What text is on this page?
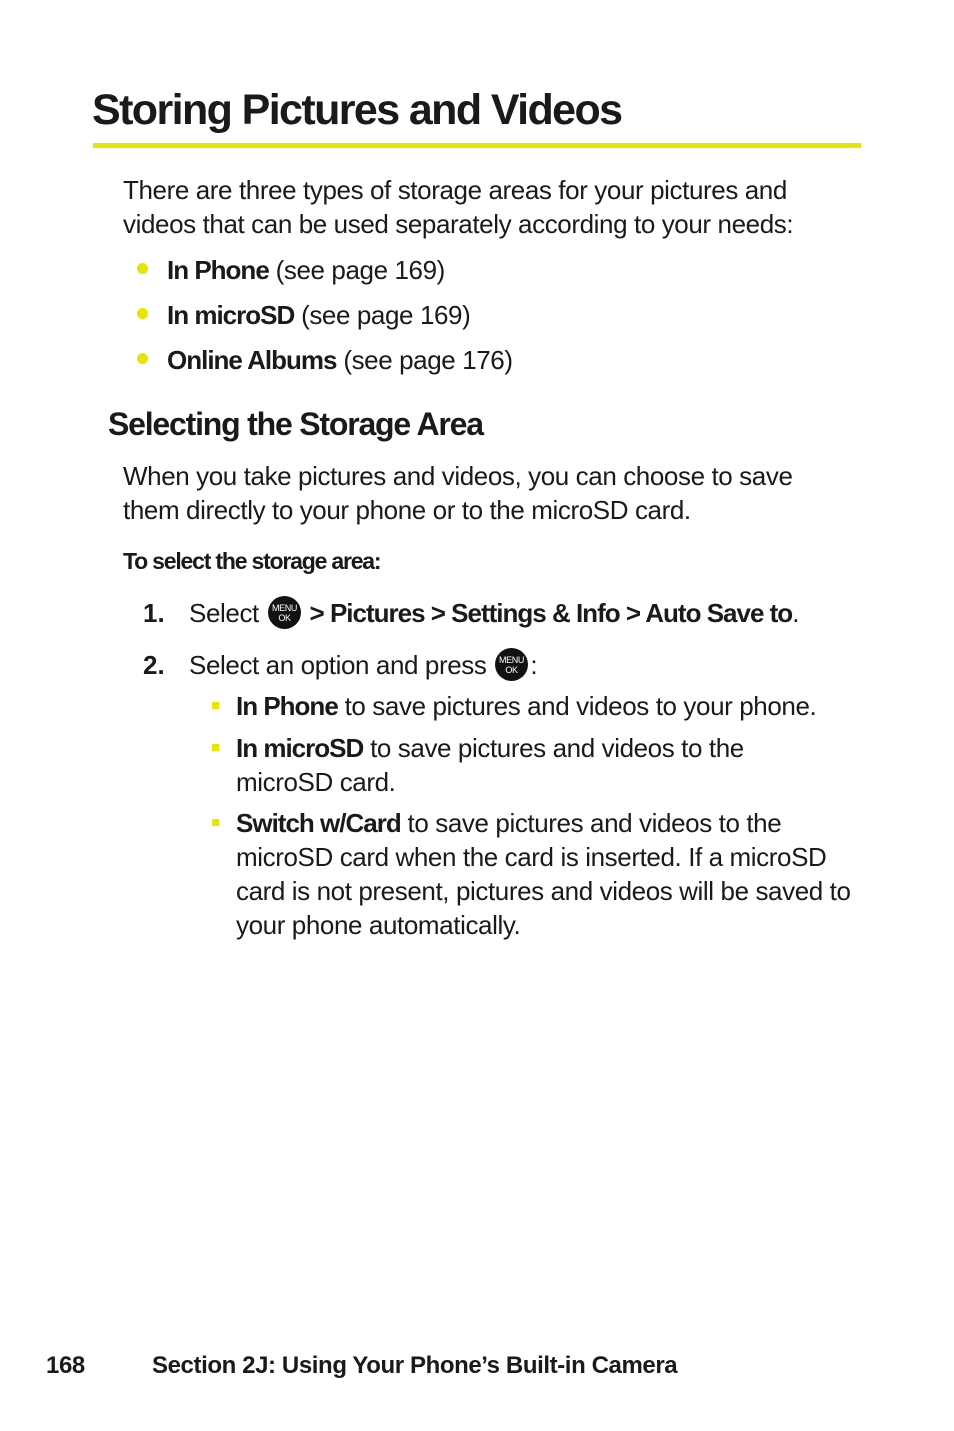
Storing Pictures and Videos
There are three types of storage areas for your pictures and videos that can be used separately according to your needs:
In Phone (see page 169)
In microSD (see page 169)
Online Albums (see page 176)
Selecting the Storage Area
When you take pictures and videos, you can choose to save them directly to your phone or to the microSD card.
To select the storage area:
1. Select MENU
OK > Pictures > Settings & Info > Auto Save to.
2. Select an option and press MENU
OK :
In Phone to save pictures and videos to your phone.
In microSD to save pictures and videos to the microSD card.
Switch w/Card to save pictures and videos to the microSD card when the card is inserted. If a microSD card is not present, pictures and videos will be saved to your phone automatically.
168	Section 2J: Using Your Phone’s Built-in Camera
